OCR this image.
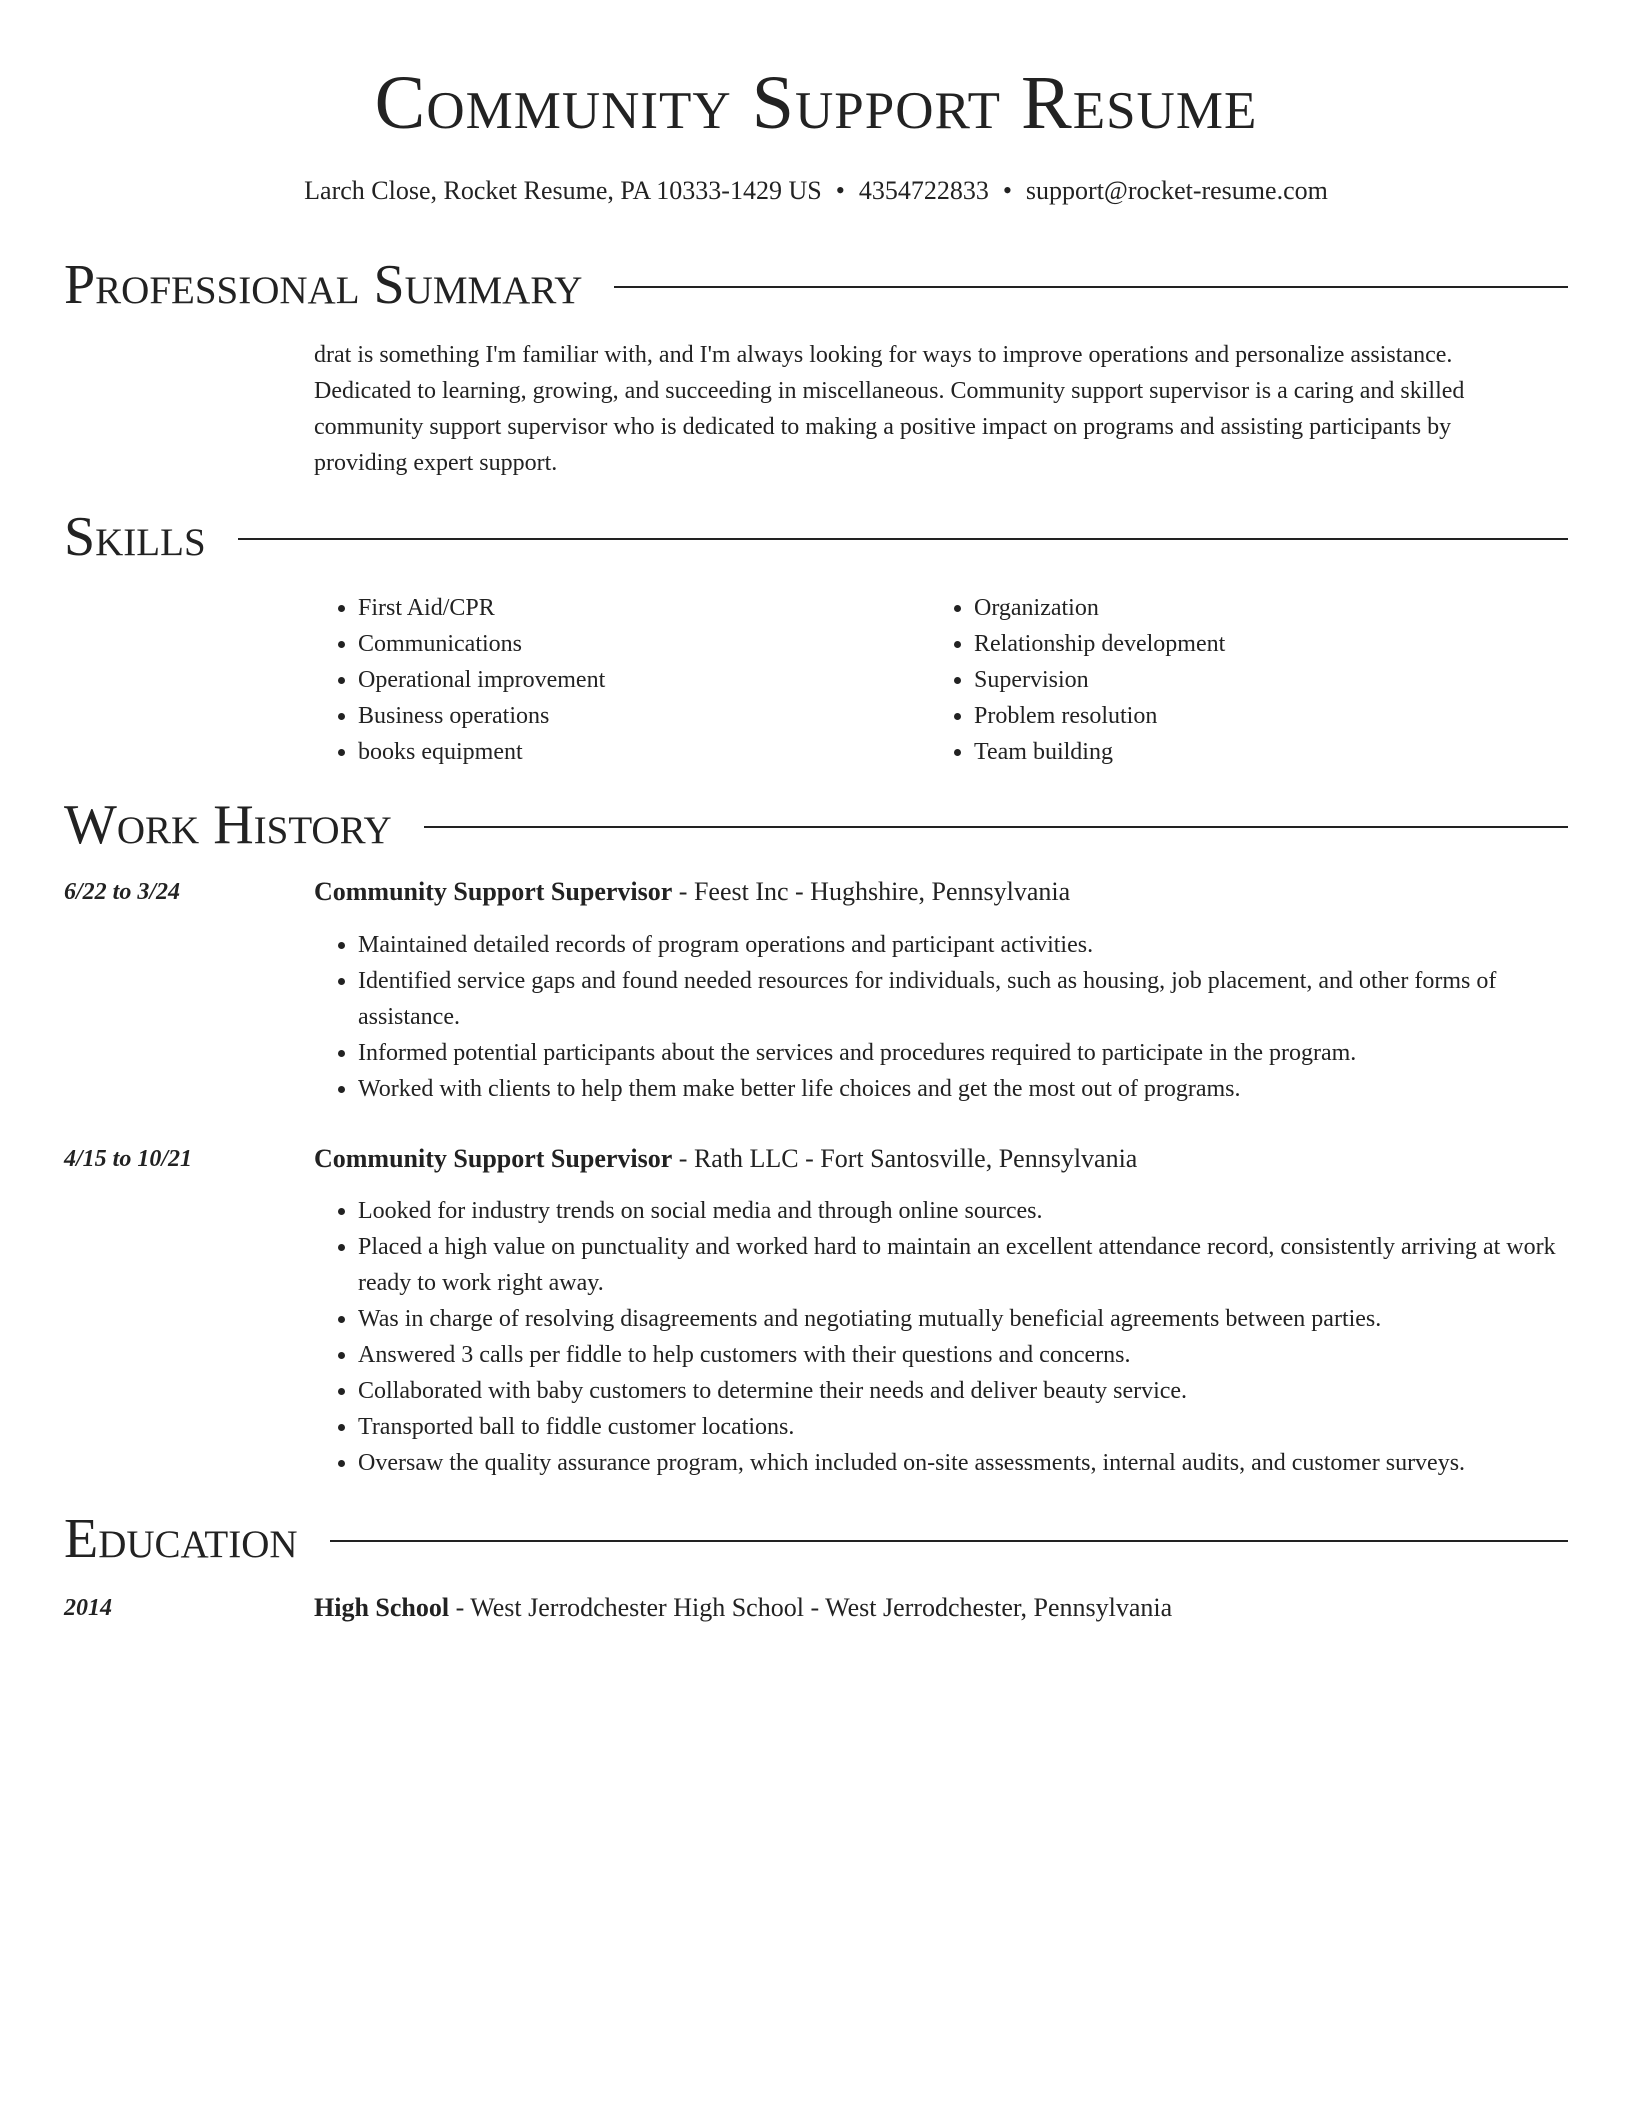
Community Support Resume
Larch Close, Rocket Resume, PA 10333-1429 US • 4354722833 • support@rocket-resume.com
Professional Summary

drat is something I'm familiar with, and I'm always looking for ways to improve operations and personalize assistance. Dedicated to learning, growing, and succeeding in miscellaneous. Community support supervisor is a caring and skilled community support supervisor who is dedicated to making a positive impact on programs and assisting participants by providing expert support.

Skills
• First Aid/CPR
• Communications
• Operational improvement
• Business operations
• books equipment
• Organization
• Relationship development
• Supervision
• Problem resolution
• Team building
Work History
6/22 to 3/24	Community Support Supervisor - Feest Inc - Hughshire, Pennsylvania
• Maintained detailed records of program operations and participant activities.
• Identified service gaps and found needed resources for individuals, such as housing, job placement, and other forms of assistance.
• Informed potential participants about the services and procedures required to participate in the program.
• Worked with clients to help them make better life choices and get the most out of programs.
4/15 to 10/21	Community Support Supervisor - Rath LLC - Fort Santosville, Pennsylvania
• Looked for industry trends on social media and through online sources.
• Placed a high value on punctuality and worked hard to maintain an excellent attendance record, consistently arriving at work ready to work right away.
• Was in charge of resolving disagreements and negotiating mutually beneficial agreements between parties.
• Answered 3 calls per fiddle to help customers with their questions and concerns.
• Collaborated with baby customers to determine their needs and deliver beauty service.
• Transported ball to fiddle customer locations.
• Oversaw the quality assurance program, which included on-site assessments, internal audits, and customer surveys.
Education
2014	High School - West Jerrodchester High School - West Jerrodchester, Pennsylvania
